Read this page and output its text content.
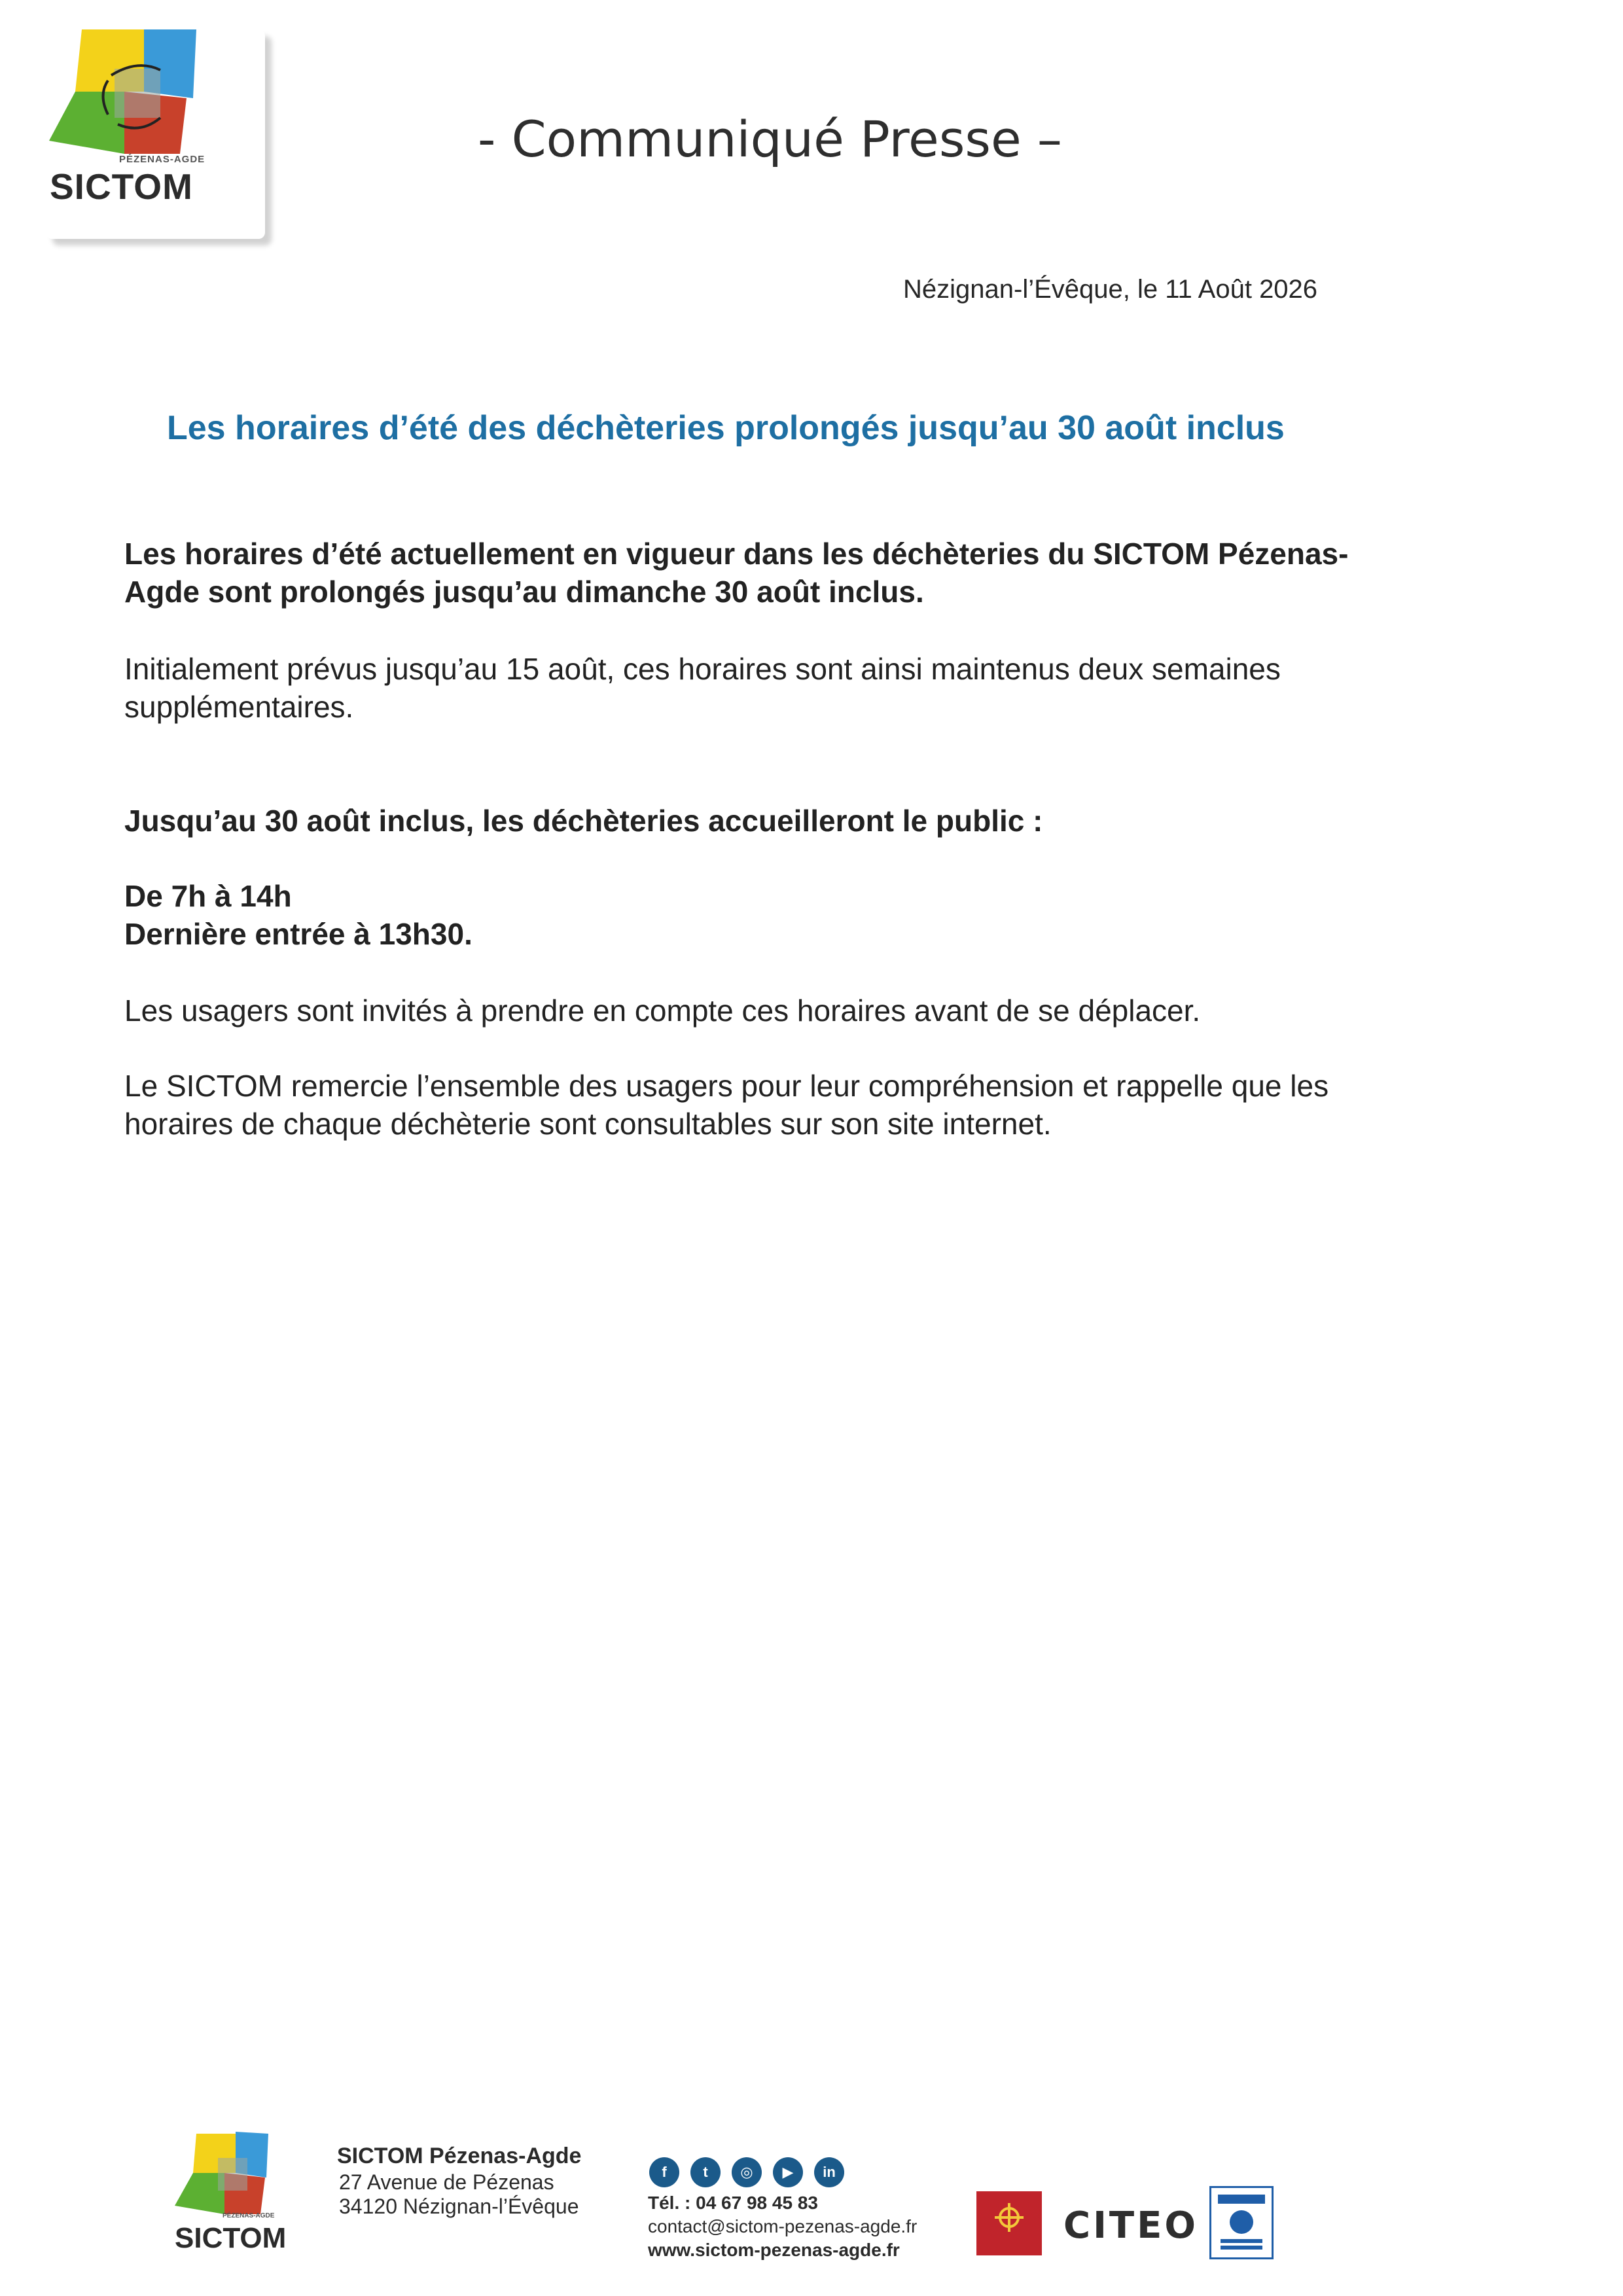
PÉZENAS-AGDE
SICTOM
- Communiqué Presse –
Nézignan-l’Évêque, le 11 Août 2026
Les horaires d’été des déchèteries prolongés jusqu’au 30 août inclus
Les horaires d’été actuellement en vigueur dans les déchèteries du SICTOM Pézenas-
Agde sont prolongés jusqu’au dimanche 30 août inclus.
Initialement prévus jusqu’au 15 août, ces horaires sont ainsi maintenus deux semaines
supplémentaires.
Jusqu’au 30 août inclus, les déchèteries accueilleront le public :
De 7h à 14h
Dernière entrée à 13h30.
Les usagers sont invités à prendre en compte ces horaires avant de se déplacer.
Le SICTOM remercie l’ensemble des usagers pour leur compréhension et rappelle que les
horaires de chaque déchèterie sont consultables sur son site internet.
PÉZENAS-AGDE
SICTOM
SICTOM Pézenas-Agde
27 Avenue de Pézenas
34120 Nézignan-l’Évêque
f	t	◎	▶	in
Tél. : 04 67 98 45 83
contact@sictom-pezenas-agde.fr
www.sictom-pezenas-agde.fr
CITEO
